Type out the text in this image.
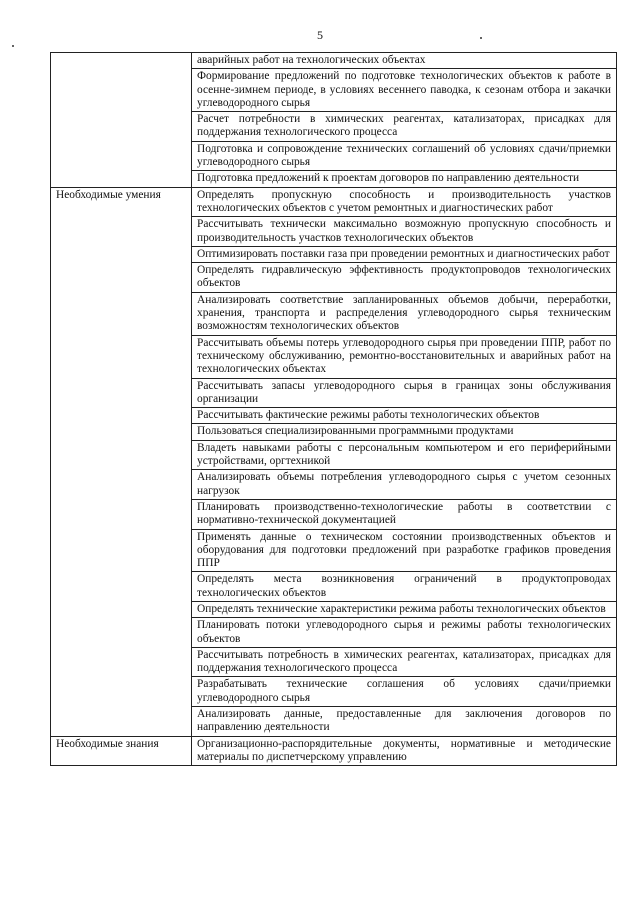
5
	аварийных работ на технологических объектах
	Формирование предложений по подготовке технологических объектов к работе в осенне-зимнем периоде, в условиях весеннего паводка, к сезонам отбора и закачки углеводородного сырья
	Расчет потребности в химических реагентах, катализаторах, присадках для поддержания технологического процесса
	Подготовка и сопровождение технических соглашений об условиях сдачи/приемки углеводородного сырья
	Подготовка предложений к проектам договоров по направлению деятельности
Необходимые умения	Определять пропускную способность и производительность участков технологических объектов с учетом ремонтных и диагностических работ
	Рассчитывать технически максимально возможную пропускную способность и производительность участков технологических объектов
	Оптимизировать поставки газа при проведении ремонтных и диагностических работ
	Определять гидравлическую эффективность продуктопроводов технологических объектов
	Анализировать соответствие запланированных объемов добычи, переработки, хранения, транспорта и распределения углеводородного сырья техническим возможностям технологических объектов
	Рассчитывать объемы потерь углеводородного сырья при проведении ППР, работ по техническому обслуживанию, ремонтно-восстановительных и аварийных работ на технологических объектах
	Рассчитывать запасы углеводородного сырья в границах зоны обслуживания организации
	Рассчитывать фактические режимы работы технологических объектов
	Пользоваться специализированными программными продуктами
	Владеть навыками работы с персональным компьютером и его периферийными устройствами, оргтехникой
	Анализировать объемы потребления углеводородного сырья с учетом сезонных нагрузок
	Планировать производственно-технологические работы в соответствии с нормативно-технической документацией
	Применять данные о техническом состоянии производственных объектов и оборудования для подготовки предложений при разработке графиков проведения ППР
	Определять места возникновения ограничений в продуктопроводах технологических объектов
	Определять технические характеристики режима работы технологических объектов
	Планировать потоки углеводородного сырья и режимы работы технологических объектов
	Рассчитывать потребность в химических реагентах, катализаторах, присадках для поддержания технологического процесса
	Разрабатывать технические соглашения об условиях сдачи/приемки углеводородного сырья
	Анализировать данные, предоставленные для заключения договоров по направлению деятельности
Необходимые знания	Организационно-распорядительные документы, нормативные и методические материалы по диспетчерскому управлению
